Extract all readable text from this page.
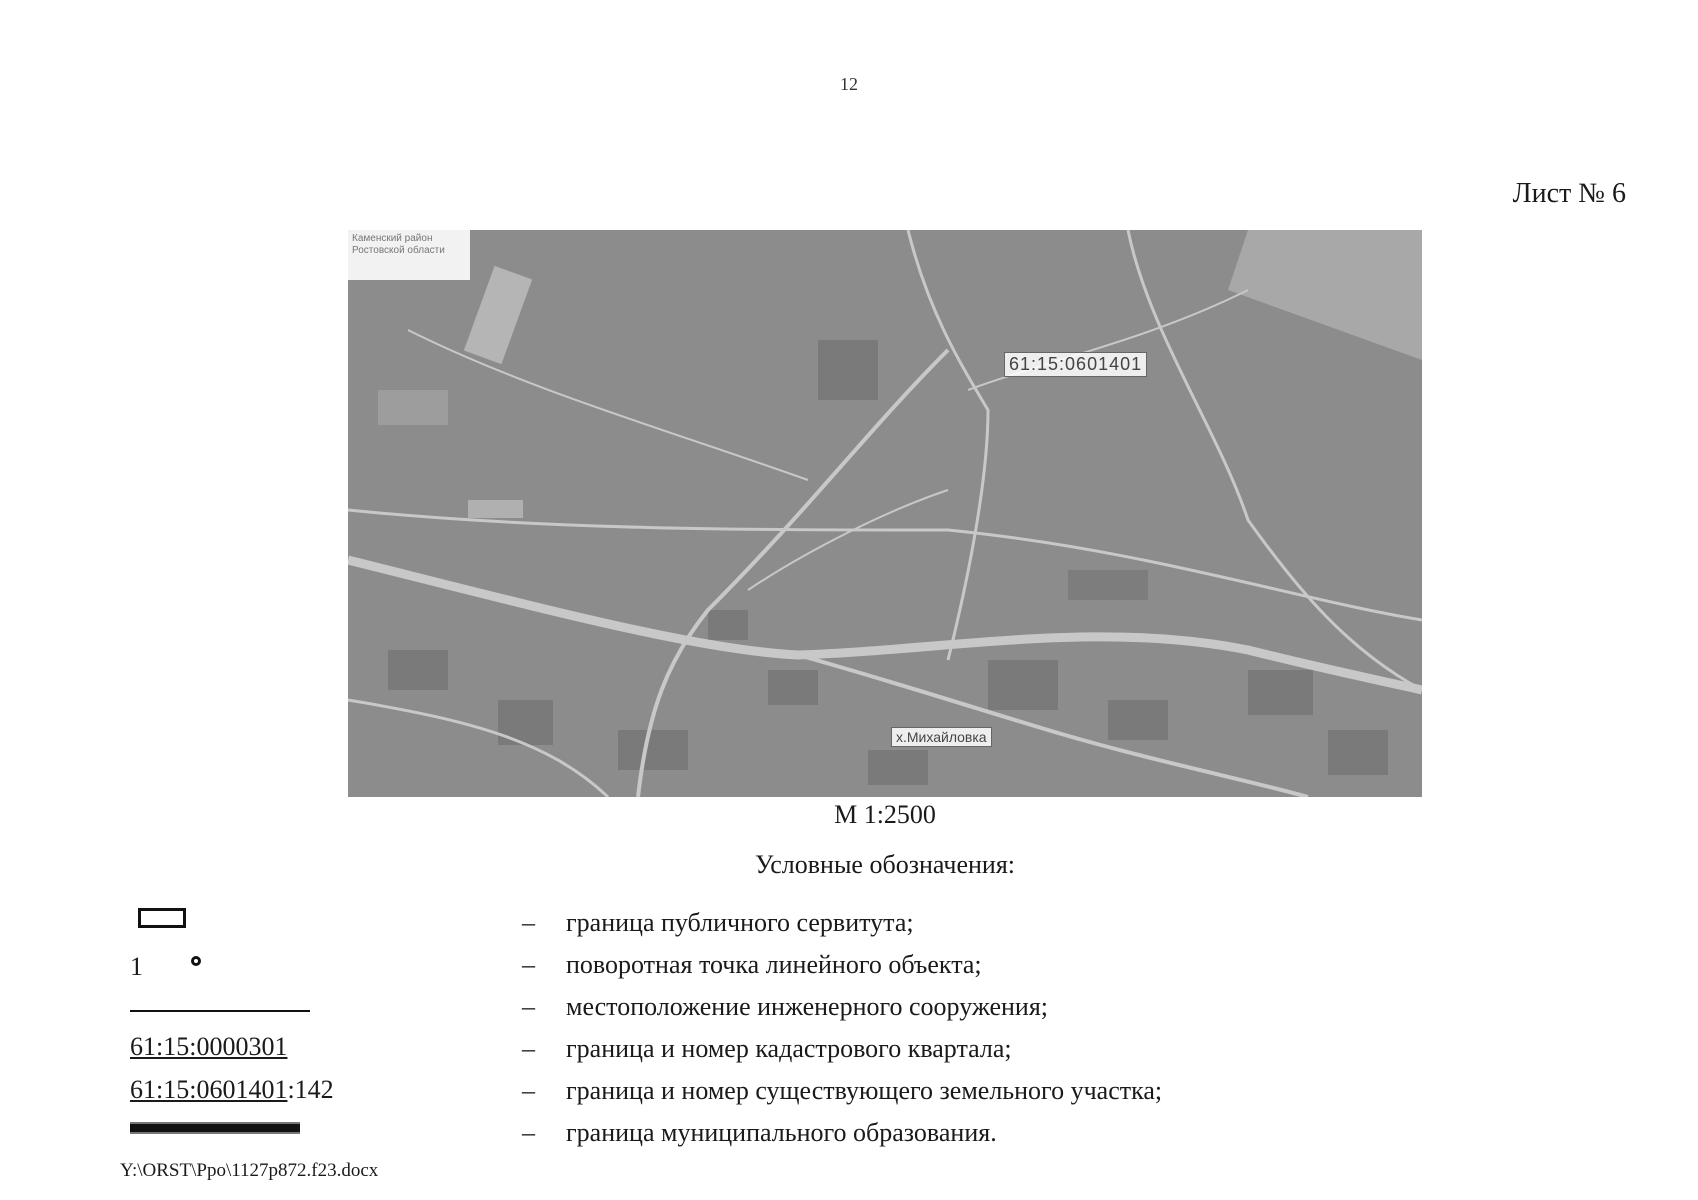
12
Лист № 6
Каменский район Ростовской области
61:15:0601401
х.Михайловка
М 1:2500
Условные обозначения:
1
61:15:0000301
61:15:0601401:142
– граница публичного сервитута;
– поворотная точка линейного объекта;
– местоположение инженерного сооружения;
– граница и номер кадастрового квартала;
– граница и номер существующего земельного участка;
– граница муниципального образования.
Y:\ORST\Ppo\1127p872.f23.docx
